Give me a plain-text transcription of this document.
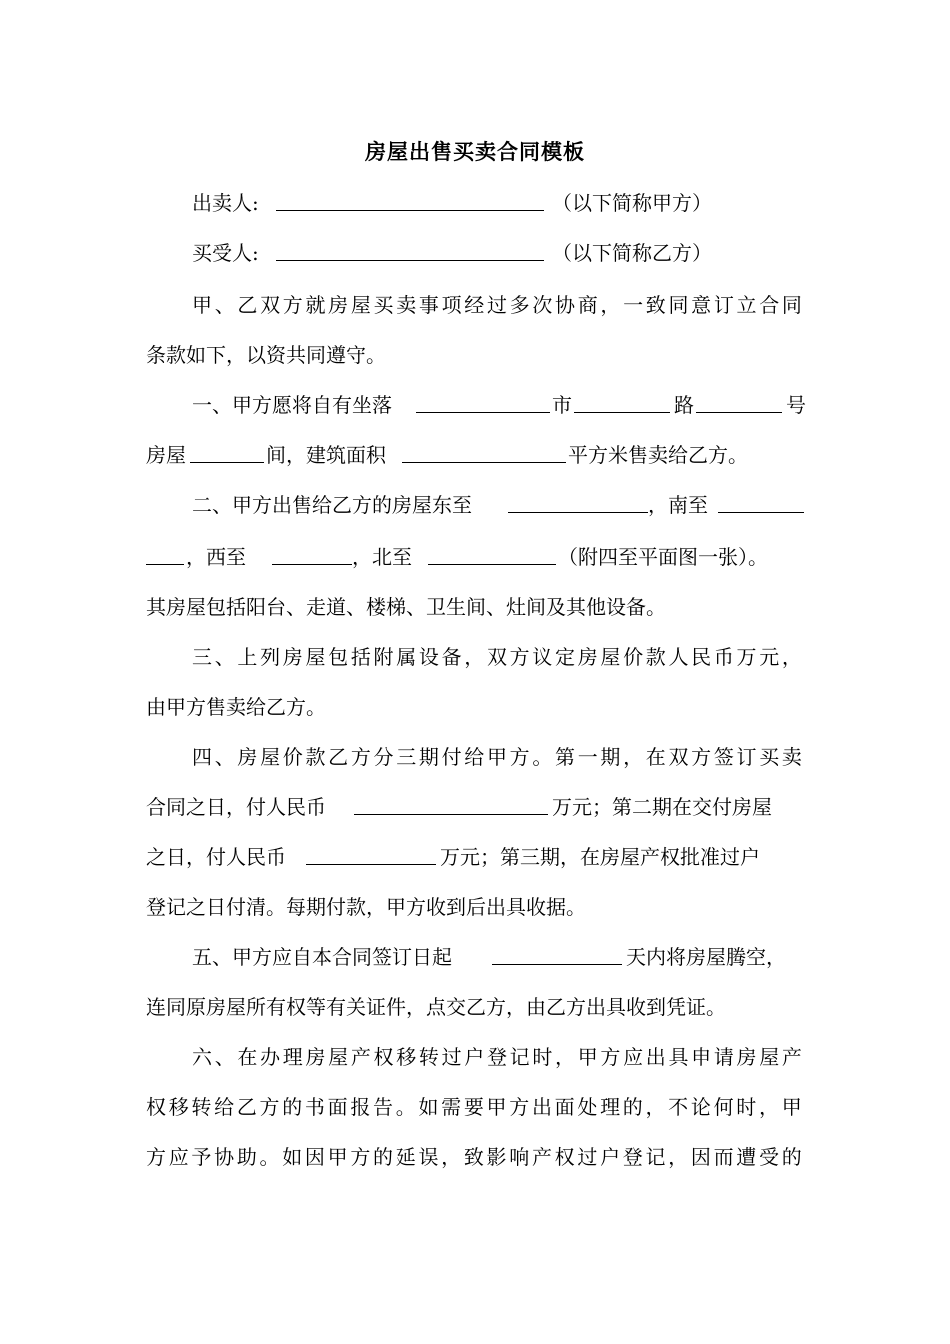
房屋出售买卖合同模板
出卖人:	（以下简称甲方）
买受人:	（以下简称乙方）
甲 、 乙 双 方 就 房 屋 买 卖 事 项 经 过 多 次 协 商 ， 一 致 同 意 订 立 合 同
条款如下，以资共同遵守。
一、甲方愿将自有坐落	市	路	号
房屋	间，建筑面积	平方米售卖给乙方。
二、甲方出售给乙方的房屋东至	，南至
，西至	，北至	（附四至平面图一张）。
其房屋包括阳台、走道、楼梯、卫生间、灶间及其他设备。
三 、 上 列 房 屋 包 括 附 属 设 备 ， 双 方 议 定 房 屋 价 款 人 民 币 万 元 ，
由甲方售卖给乙方。
四 、 房 屋 价 款 乙 方 分 三 期 付 给 甲 方 。 第 一 期 ， 在 双 方 签 订 买 卖
合同之日，付人民币	万元；第二期在交付房屋
之日，付人民币	万元；第三期，在房屋产权批准过户
登记之日付清。每期付款，甲方收到后出具收据。
五、甲方应自本合同签订日起	天内将房屋腾空，
连同原房屋所有权等有关证件，点交乙方，由乙方出具收到凭证。
六 、 在 办 理 房 屋 产 权 移 转 过 户 登 记 时 ， 甲 方 应 出 具 申 请 房 屋 产
权 移 转 给 乙 方 的 书 面 报 告 。 如 需 要 甲 方 出 面 处 理 的 ， 不 论 何 时 ， 甲
方 应 予 协 助 。 如 因 甲 方 的 延 误 ， 致 影 响 产 权 过 户 登 记 ， 因 而 遭 受 的
